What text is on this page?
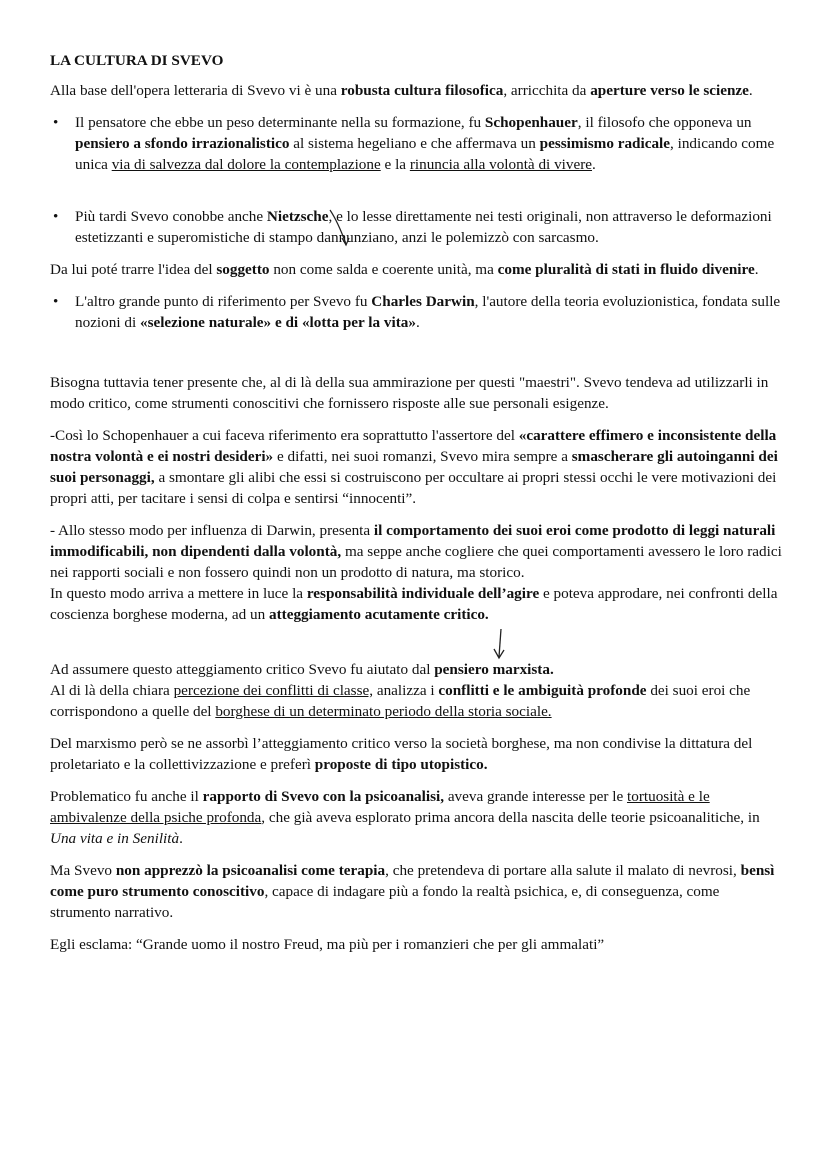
LA CULTURA DI SVEVO

Alla base dell'opera letteraria di Svevo vi è una robusta cultura filosofica, arricchita da aperture verso le scienze.

• Il pensatore che ebbe un peso determinante nella su formazione, fu Schopenhauer, il filosofo che opponeva un pensiero a sfondo irrazionalistico al sistema hegeliano e che affermava un pessimismo radicale, indicando come unica via di salvezza dal dolore la contemplazione e la rinuncia alla volontà di vivere.
• Più tardi Svevo conobbe anche Nietzsche, e lo lesse direttamente nei testi originali, non attraverso le deformazioni estetizzanti e superomistiche di stampo dannunziano, anzi le polemizzò con sarcasmo.

Da lui poté trarre l'idea del soggetto non come salda e coerente unità, ma come pluralità di stati in fluido divenire.

• L'altro grande punto di riferimento per Svevo fu Charles Darwin, l'autore della teoria evoluzionistica, fondata sulle nozioni di «selezione naturale» e di «lotta per la vita».

Bisogna tuttavia tener presente che, al di là della sua ammirazione per questi "maestri". Svevo tendeva ad utilizzarli in modo critico, come strumenti conoscitivi che fornissero risposte alle sue personali esigenze.

-Così lo Schopenhauer a cui faceva riferimento era soprattutto l'assertore del «carattere effimero e inconsistente della nostra volontà e ei nostri desideri» e difatti, nei suoi romanzi, Svevo mira sempre a smascherare gli autoinganni dei suoi personaggi, a smontare gli alibi che essi si costruiscono per occultare ai propri stessi occhi le vere motivazioni dei propri atti, per tacitare i sensi di colpa e sentirsi “innocenti”.

- Allo stesso modo per influenza di Darwin, presenta il comportamento dei suoi eroi come prodotto di leggi naturali immodificabili, non dipendenti dalla volontà, ma seppe anche cogliere che quei comportamenti avessero le loro radici nei rapporti sociali e non fossero quindi non un prodotto di natura, ma storico.

In questo modo arriva a mettere in luce la responsabilità individuale dell’agire e poteva approdare, nei confronti della coscienza borghese moderna, ad un atteggiamento acutamente critico.

Ad assumere questo atteggiamento critico Svevo fu aiutato dal pensiero marxista.
Al di là della chiara percezione dei conflitti di classe, analizza i conflitti e le ambiguità profonde dei suoi eroi che corrispondono a quelle del borghese di un determinato periodo della storia sociale.

Del marxismo però se ne assorbì l’atteggiamento critico verso la società borghese, ma non condivise la dittatura del proletariato e la collettivizzazione e preferì proposte di tipo utopistico.

Problematico fu anche il rapporto di Svevo con la psicoanalisi, aveva grande interesse per le tortuosità e le ambivalenze della psiche profonda, che già aveva esplorato prima ancora della nascita delle teorie psicoanalitiche, in Una vita e in Senilità.

Ma Svevo non apprezzò la psicoanalisi come terapia, che pretendeva di portare alla salute il malato di nevrosi, bensì come puro strumento conoscitivo, capace di indagare più a fondo la realtà psichica, e, di conseguenza, come strumento narrativo.

Egli esclama: “Grande uomo il nostro Freud, ma più per i romanzieri che per gli ammalati”
